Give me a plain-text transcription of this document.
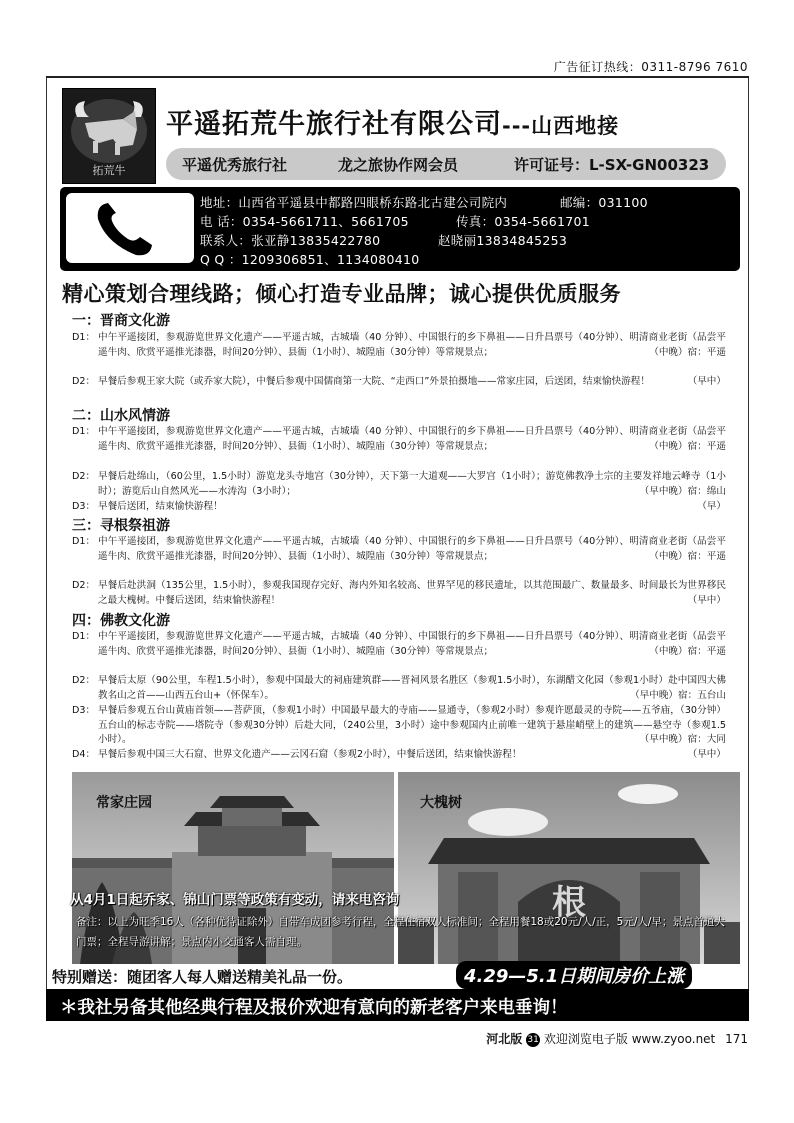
广告征订热线：0311-8796 7610
拓荒牛
平遥拓荒牛旅行社有限公司---山西地接
平遥优秀旅行社	龙之旅协作网会员	许可证号：L-SX-GN00323
地址：山西省平遥县中都路四眼桥东路北古建公司院内	邮编：031100
电 话：0354-5661711、5661705	传真：0354-5661701
联系人：张亚静13835422780	赵晓丽13834845253
Q Q ：1209306851、1134080410
精心策划合理线路；倾心打造专业品牌；诚心提供优质服务
一：晋商文化游
D1： 中午平遥接团，参观游览世界文化遗产——平遥古城，古城墙（40 分钟）、中国银行的乡下鼻祖——日升昌票号（40分钟）、明清商业老街（品尝平遥牛肉、欣赏平遥推光漆器，时间20分钟）、县衙（1小时）、城隍庙（30分钟）等常规景点；	（中晚）宿：平遥
D2： 早餐后参观王家大院（或乔家大院），中餐后参观中国儒商第一大院、“走西口”外景拍摄地——常家庄园，后送团，结束愉快游程！	（早中）
二：山水风情游
D1： 中午平遥接团，参观游览世界文化遗产——平遥古城，古城墙（40 分钟）、中国银行的乡下鼻祖——日升昌票号（40分钟）、明清商业老街（品尝平遥牛肉、欣赏平遥推光漆器，时间20分钟）、县衙（1小时）、城隍庙（30分钟）等常规景点；	（中晚）宿：平遥
D2： 早餐后赴绵山，（60公里，1.5小时）游览龙头寺地宫（30分钟），天下第一大道观——大罗宫（1小时）；游览佛教净土宗的主要发祥地云峰寺（1小时）；游览后山自然风光——水涛沟（3小时）；	（早中晚）宿：绵山
D3： 早餐后送团，结束愉快游程！	（早）
三：寻根祭祖游
D1： 中午平遥接团，参观游览世界文化遗产——平遥古城，古城墙（40 分钟）、中国银行的乡下鼻祖——日升昌票号（40分钟）、明清商业老街（品尝平遥牛肉、欣赏平遥推光漆器，时间20分钟）、县衙（1小时）、城隍庙（30分钟）等常规景点；	（中晚）宿：平遥
D2： 早餐后赴洪洞（135公里，1.5小时），参观我国现存完好、海内外知名较高、世界罕见的移民遗址，以其范围最广、数量最多、时间最长为世界移民之最大槐树。中餐后送团，结束愉快游程！	（早中）
四：佛教文化游
D1： 中午平遥接团，参观游览世界文化遗产——平遥古城，古城墙（40 分钟）、中国银行的乡下鼻祖——日升昌票号（40分钟）、明清商业老街（品尝平遥牛肉、欣赏平遥推光漆器，时间20分钟）、县衙（1小时）、城隍庙（30分钟）等常规景点；	（中晚）宿：平遥
D2： 早餐后太原（90公里，车程1.5小时），参观中国最大的祠庙建筑群——晋祠风景名胜区（参观1.5小时），东湖醋文化园（参观1小时）赴中国四大佛教名山之首——山西五台山+（怀保车）。	（早中晚）宿：五台山
D3： 早餐后参观五台山黄庙首领——菩萨顶，（参观1小时）中国最早最大的寺庙——显通寺，（参观2小时）参观许愿最灵的寺院——五爷庙，（30分钟）五台山的标志寺院——塔院寺（参观30分钟）后赴大同，（240公里，3小时）途中参观国内止前唯一建筑于悬崖峭壁上的建筑——悬空寺（参观1.5小时）。	（早中晚）宿：大同
D4： 早餐后参观中国三大石窟、世界文化遗产——云冈石窟（参观2小时），中餐后送团，结束愉快游程！	（早中）
常家庄园
根
大槐树
从4月1日起乔家、锦山门票等政策有变动，请来电咨询
备注：以上为旺季16人（各种优待证除外）自带车成团参考行程，全程住宿双人标准间；全程用餐18或20元/人/正，5元/人/早；景点首道大门票；全程导游讲解；景点内小交通客人需自理。
特别赠送：随团客人每人赠送精美礼品一份。	4.29—5.1日期间房价上涨
＊我社另备其他经典行程及报价欢迎有意向的新老客户来电垂询！
河北版 31 欢迎浏览电子版 www.zyoo.net 171
